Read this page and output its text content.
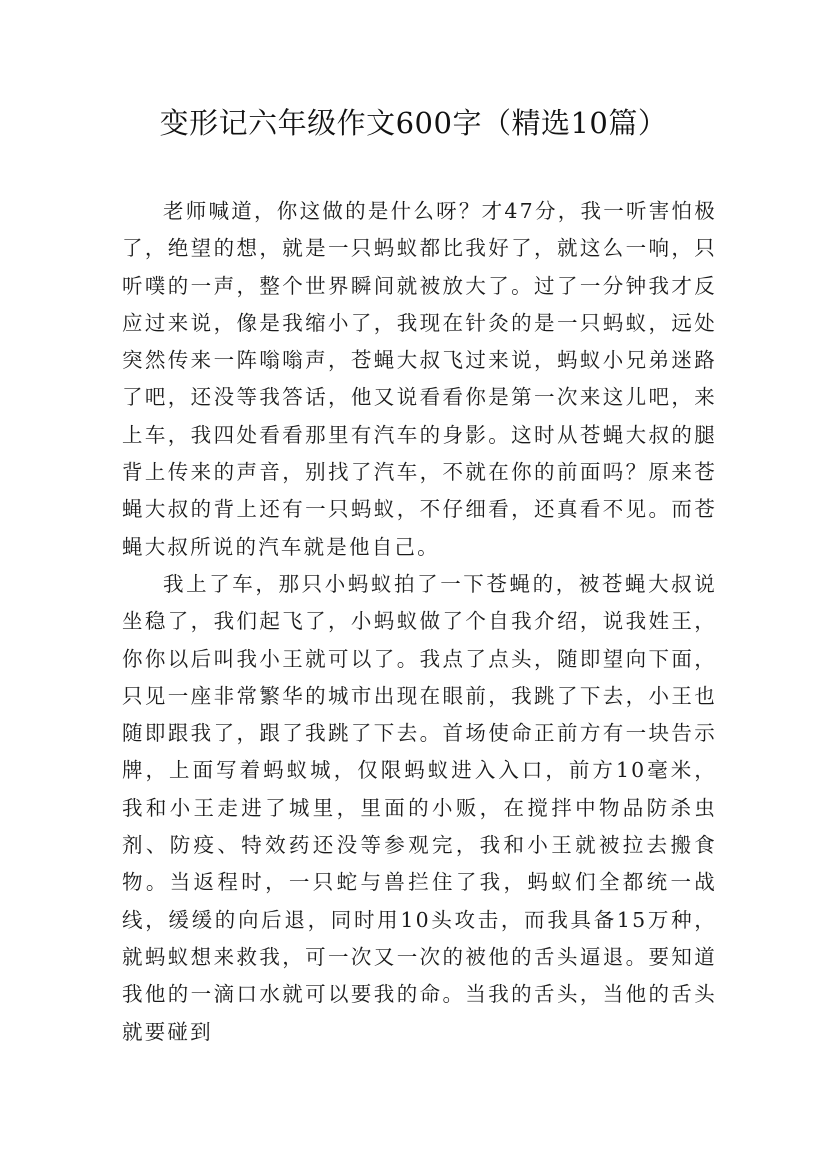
变形记六年级作文600字（精选10篇）

老师喊道，你这做的是什么呀？才47分，我一听害怕极了，绝望的想，就是一只蚂蚁都比我好了，就这么一响，只听噗的一声，整个世界瞬间就被放大了。过了一分钟我才反应过来说，像是我缩小了，我现在针灸的是一只蚂蚁，远处突然传来一阵嗡嗡声，苍蝇大叔飞过来说，蚂蚁小兄弟迷路了吧，还没等我答话，他又说看看你是第一次来这儿吧，来上车，我四处看看那里有汽车的身影。这时从苍蝇大叔的腿背上传来的声音，别找了汽车，不就在你的前面吗？原来苍蝇大叔的背上还有一只蚂蚁，不仔细看，还真看不见。而苍蝇大叔所说的汽车就是他自己。

我上了车，那只小蚂蚁拍了一下苍蝇的，被苍蝇大叔说坐稳了，我们起飞了，小蚂蚁做了个自我介绍，说我姓王，你你以后叫我小王就可以了。我点了点头，随即望向下面，只见一座非常繁华的城市出现在眼前，我跳了下去，小王也随即跟我了，跟了我跳了下去。首场使命正前方有一块告示牌，上面写着蚂蚁城，仅限蚂蚁进入入口，前方10毫米，我和小王走进了城里，里面的小贩，在搅拌中物品防杀虫剂、防疫、特效药还没等参观完，我和小王就被拉去搬食物。当返程时，一只蛇与兽拦住了我，蚂蚁们全都统一战线，缓缓的向后退，同时用10头攻击，而我具备15万种，就蚂蚁想来救我，可一次又一次的被他的舌头逼退。要知道我他的一滴口水就可以要我的命。当我的舌头，当他的舌头就要碰到
